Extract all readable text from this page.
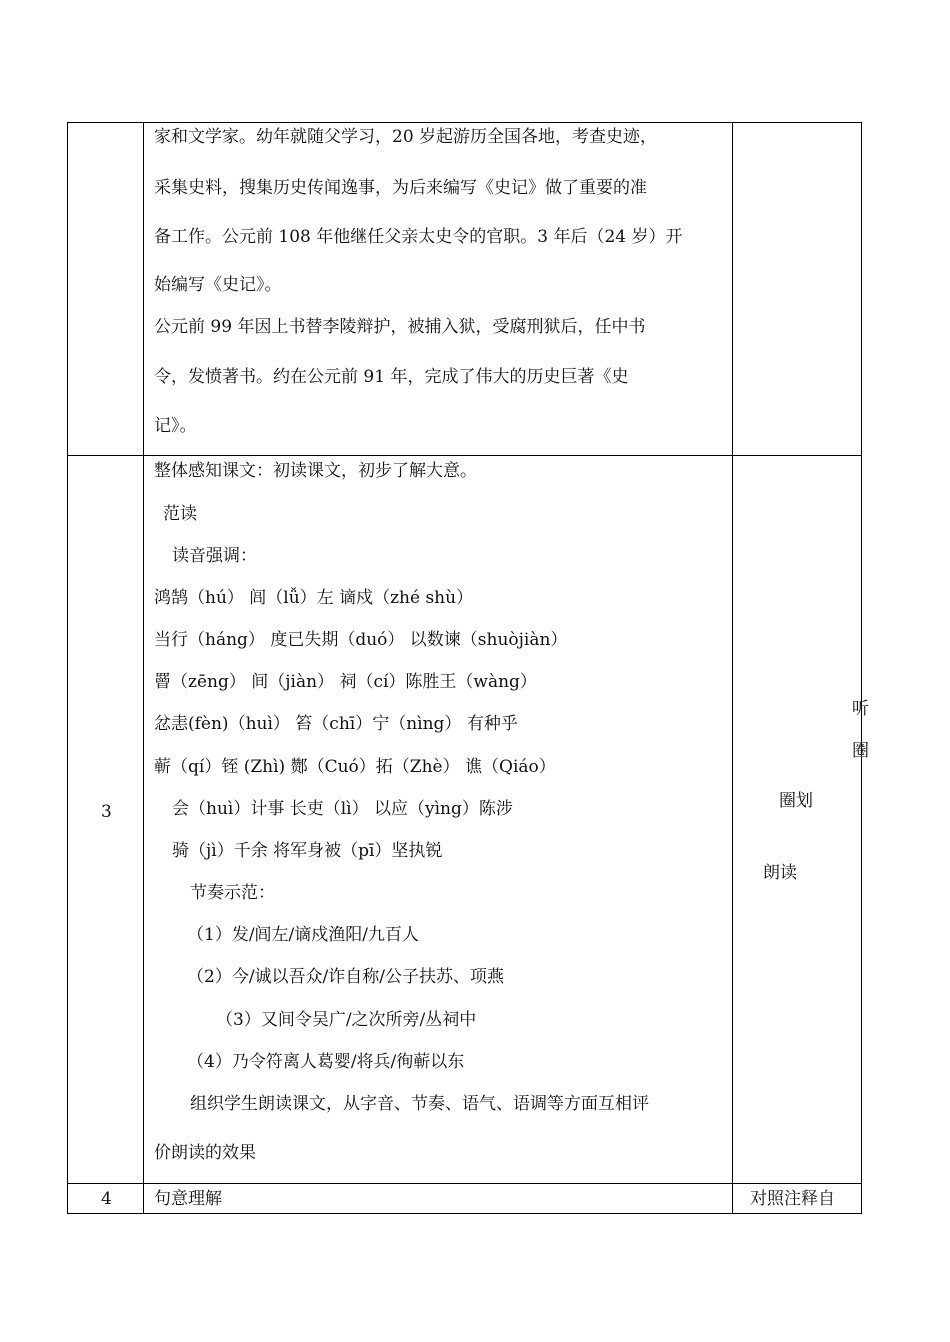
家和文学家。幼年就随父学习，20 岁起游历全国各地，考查史迹，
采集史料，搜集历史传闻逸事，为后来编写《史记》做了重要的准
备工作。公元前 108 年他继任父亲太史令的官职。3 年后（24 岁）开
始编写《史记》。
公元前 99 年因上书替李陵辩护，被捕入狱，受腐刑狱后，任中书
令，发愤著书。约在公元前 91 年，完成了伟大的历史巨著《史
记》。
3
整体感知课文：初读课文，初步了解大意。
范读
读音强调：
鸿鹄（hú） 闾（lǚ）左 谪戍（zhé shù）
当行（háng） 度已失期（duó） 以数谏（shuòjiàn）
罾（zēng） 间（jiàn） 祠（cí）陈胜王（wàng）
忿恚(fèn)（huì） 笞（chī）宁（nìng） 有种乎
蕲（qí）铚 (Zhì) 酂（Cuó）拓（Zhè） 谯（Qiáo）
会（huì）计事 长吏（lì） 以应（yìng）陈涉
骑（jì）千余 将军身被（pī）坚执锐
节奏示范：
（1）发/闾左/谪戍渔阳/九百人
（2）今/诚以吾众/诈自称/公子扶苏、项燕
（3）又间令吴广/之次所旁/丛祠中
（4）乃令符离人葛婴/将兵/徇蕲以东
组织学生朗读课文，从字音、节奏、语气、语调等方面互相评
价朗读的效果
圈划
朗读
听
圈
4 句意理解	对照注释自
